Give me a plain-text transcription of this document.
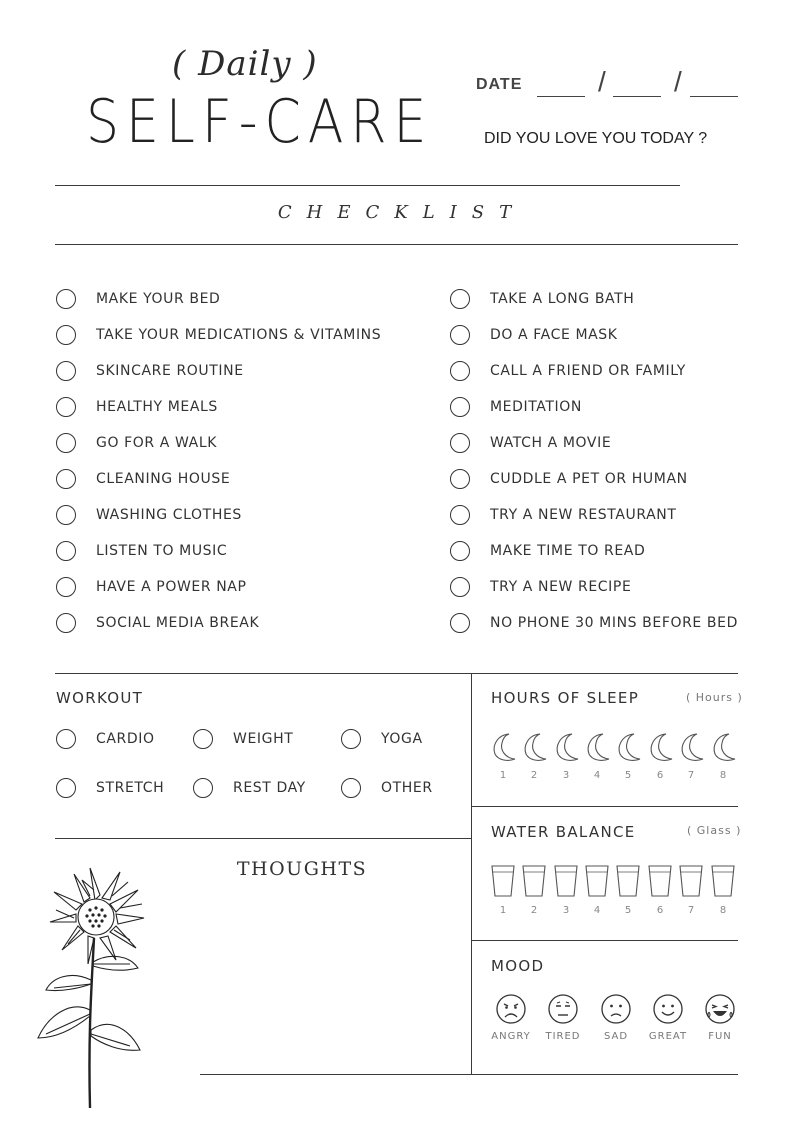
( Daily )
SELF-CARE
DATE	/ /
DID YOU LOVE YOU TODAY ?
CHECKLIST
MAKE YOUR BED
TAKE YOUR MEDICATIONS & VITAMINS
SKINCARE ROUTINE
HEALTHY MEALS
GO FOR A WALK
CLEANING HOUSE
WASHING CLOTHES
LISTEN TO MUSIC
HAVE A POWER NAP
SOCIAL MEDIA BREAK
TAKE A LONG BATH
DO A FACE MASK
CALL A FRIEND OR FAMILY
MEDITATION
WATCH A MOVIE
CUDDLE A PET OR HUMAN
TRY A NEW RESTAURANT
MAKE TIME TO READ
TRY A NEW RECIPE
NO PHONE 30 MINS BEFORE BED
WORKOUT
CARDIO	WEIGHT	YOGA
STRETCH	REST DAY	OTHER
HOURS OF SLEEP	( Hours )
1	2	3	4	5	6	7	8
WATER BALANCE	( Glass )
1	2	3	4	5	6	7	8
MOOD
ANGRY	TIRED	SAD	GREAT	FUN
THOUGHTS
